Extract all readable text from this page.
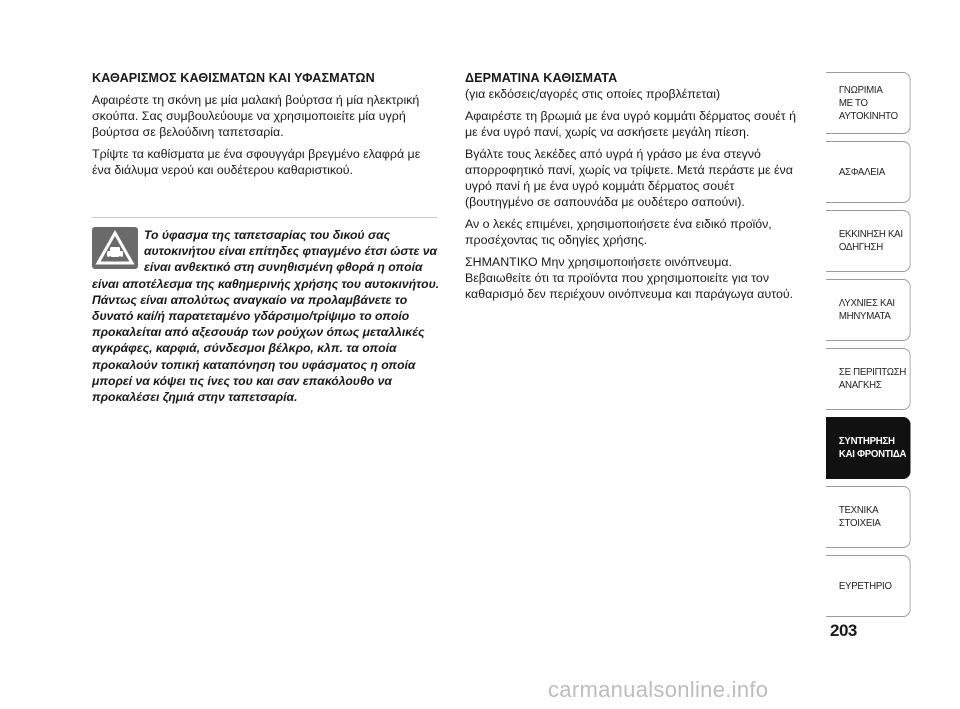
ΚΑΘΑΡΙΣΜΟΣ ΚΑΘΙΣΜΑΤΩΝ ΚΑΙ ΥΦΑΣΜΑΤΩΝ

Αφαιρέστε τη σκόνη με μία μαλακή βούρτσα ή μία ηλεκτρική σκούπα. Σας συμβουλεύουμε να χρησιμοποιείτε μία υγρή βούρτσα σε βελούδινη ταπετσαρία.

Τρίψτε τα καθίσματα με ένα σφουγγάρι βρεγμένο ελαφρά με ένα διάλυμα νερού και ουδέτερου καθαριστικού.

Το ύφασμα της ταπετσαρίας του δικού σας αυτοκινήτου είναι επίτηδες φτιαγμένο έτσι ώστε να είναι ανθεκτικό στη συνηθισμένη φθορά η οποία είναι αποτέλεσμα της καθημερινής χρήσης του αυτοκινήτου. Πάντως είναι απολύτως αναγκαίο να προλαμβάνετε το δυνατό καί/ή παρατεταμένο γδάρσιμο/τρίψιμο το οποίο προκαλείται από αξεσουάρ των ρούχων όπως μεταλλικές αγκράφες, καρφιά, σύνδεσμοι βέλκρο, κλπ. τα οποία προκαλούν τοπική καταπόνηση του υφάσματος η οποία μπορεί να κόψει τις ίνες του και σαν επακόλουθο να προκαλέσει ζημιά στην ταπετσαρία.
ΔΕΡΜΑΤΙΝΑ ΚΑΘΙΣΜΑΤΑ

(για εκδόσεις/αγορές στις οποίες προβλέπεται)

Αφαιρέστε τη βρωμιά με ένα υγρό κομμάτι δέρματος σουέτ ή με ένα υγρό πανί, χωρίς να ασκήσετε μεγάλη πίεση.

Βγάλτε τους λεκέδες από υγρά ή γράσο με ένα στεγνό απορροφητικό πανί, χωρίς να τρίψετε. Μετά περάστε με ένα υγρό πανί ή με ένα υγρό κομμάτι δέρματος σουέτ (βουτηγμένο σε σαπουνάδα με ουδέτερο σαπούνι).

Αν ο λεκές επιμένει, χρησιμοποιήσετε ένα ειδικό προϊόν, προσέχοντας τις οδηγίες χρήσης.

ΣΗΜΑΝΤΙΚΟ Μην χρησιμοποιήσετε οινόπνευμα. Βεβαιωθείτε ότι τα προϊόντα που χρησιμοποιείτε για τον καθαρισμό δεν περιέχουν οινόπνευμα και παράγωγα αυτού.

ΓΝΩΡΙΜΙΑ
ΜΕ ΤΟ
ΑΥΤΟΚΙΝΗΤΟ
ΑΣΦΑΛΕΙΑ
ΕΚΚΙΝΗΣΗ ΚΑΙ
ΟΔΗΓΗΣΗ
ΛΥΧΝΙΕΣ ΚΑΙ
ΜΗΝΥΜΑΤΑ
ΣΕ ΠΕΡΙΠΤΩΣΗ
ΑΝΑΓΚΗΣ
ΣΥΝΤΗΡΗΣΗ
ΚΑΙ ΦΡΟΝΤΙΔΑ
ΤΕΧΝΙΚΑ
ΣΤΟΙΧΕΙΑ
ΕΥΡΕΤΗΡΙΟ
203
carmanualsonline.info
